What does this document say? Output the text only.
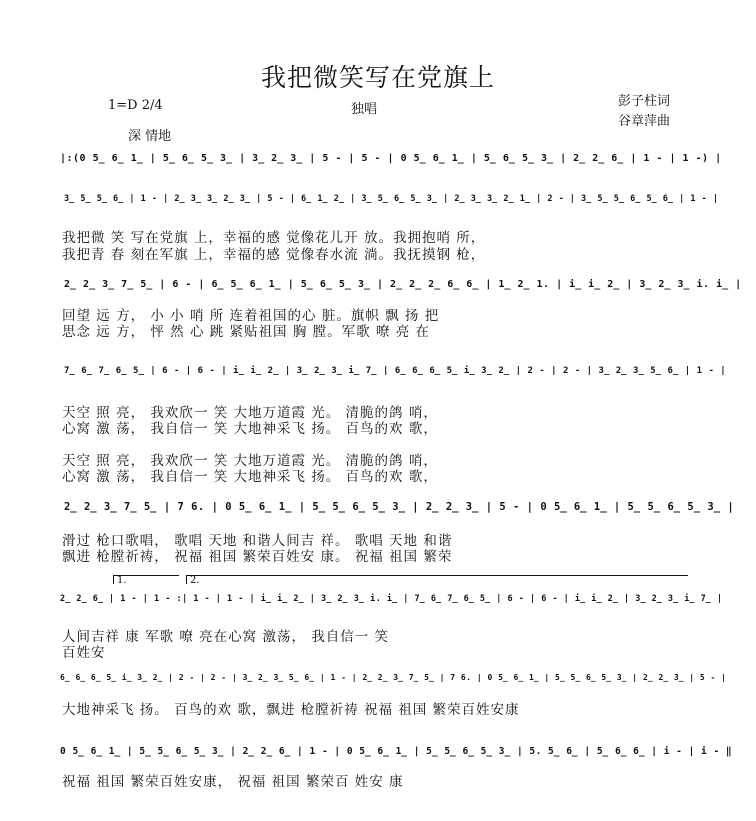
我把微笑写在党旗上
1=D 2/4	独唱
彭子柱词
谷章萍曲
深 情地
|:(0 5̲ 6̲ 1̲ | 5̲ 6̲ 5̲ 3̲ | 3̲ 2̲ 3̲ | 5 - | 5 - | 0 5̲ 6̲ 1̲ | 5̲ 6̲ 5̲ 3̲ | 2̲ 2̲ 6̲ | 1 - | 1 -) |
3̲ 5̲ 5̲ 6̲ | 1 - | 2̲ 3̲ 3̲ 2̲ 3̲ | 5 - | 6̲ 1̲ 2̲ | 3̲ 5̲ 6̲ 5̲ 3̲ | 2̲ 3̲ 3̲ 2̲ 1̲ | 2 - | 3̲ 5̲ 5̲ 6̲ 5̲ 6̲ | 1 - |
我把微 笑 写在党旗 上，幸福的感 觉像花儿开 放。我拥抱哨 所，
我把青 春 刻在军旗 上，幸福的感 觉像春水流 淌。我抚摸钢 枪，
2̲ 2̲ 3̲ 7̲ 5̲ | 6 - | 6̲ 5̲ 6̲ 1̲ | 5̲ 6̲ 5̲ 3̲ | 2̲ 2̲ 2̲ 6̲ 6̲ | 1̲ 2̲ 1. | i̲ i̲ 2̲ | 3̲ 2̲ 3̲ i. i̲ |
回望 远 方， 小 小 哨 所 连着祖国的心 脏。旗帜 飘 扬 把
思念 远 方， 怦 然 心 跳 紧贴祖国 胸 膛。军歌 嘹 亮 在
7̲ 6̲ 7̲ 6̲ 5̲ | 6 - | 6 - | i̲ i̲ 2̲ | 3̲ 2̲ 3̲ i̲ 7̲ | 6̲ 6̲ 6̲ 5̲ i̲ 3̲ 2̲ | 2 - | 2 - | 3̲ 2̲ 3̲ 5̲ 6̲ | 1 - |
天空 照 亮， 我欢欣一 笑 大地万道霞 光。 清脆的鸽 哨，
心窝 激 荡， 我自信一 笑 大地神采飞 扬。 百鸟的欢 歌，
天空 照 亮， 我欢欣一 笑 大地万道霞 光。 清脆的鸽 哨，
心窝 激 荡， 我自信一 笑 大地神采飞 扬。 百鸟的欢 歌，
2̲ 2̲ 3̲ 7̲ 5̲ | 7 6. | 0 5̲ 6̲ 1̲ | 5̲ 5̲ 6̲ 5̲ 3̲ | 2̲ 2̲ 3̲ | 5 - | 0 5̲ 6̲ 1̲ | 5̲ 5̲ 6̲ 5̲ 3̲ |
滑过 枪口歌唱， 歌唱 天地 和谐人间吉 祥。 歌唱 天地 和谐
飘进 枪膛祈祷， 祝福 祖国 繁荣百姓安 康。 祝福 祖国 繁荣
1.	2.
2̲ 2̲ 6̲ | 1 - | 1 - :| 1 - | 1 - | i̲ i̲ 2̲ | 3̲ 2̲ 3̲ i. i̲ | 7̲ 6̲ 7̲ 6̲ 5̲ | 6 - | 6 - | i̲ i̲ 2̲ | 3̲ 2̲ 3̲ i̲ 7̲ |
人间吉祥 康 军歌 嘹 亮在心窝 激荡， 我自信一 笑
百姓安
6̲ 6̲ 6̲ 5̲ i̲ 3̲ 2̲ | 2 - | 2 - | 3̲ 2̲ 3̲ 5̲ 6̲ | 1 - | 2̲ 2̲ 3̲ 7̲ 5̲ | 7 6. | 0 5̲ 6̲ 1̲ | 5̲ 5̲ 6̲ 5̲ 3̲ | 2̲ 2̲ 3̲ | 5 - |
大地神采飞 扬。 百鸟的欢 歌，飘进 枪膛祈祷 祝福 祖国 繁荣百姓安康
0 5̲ 6̲ 1̲ | 5̲ 5̲ 6̲ 5̲ 3̲ | 2̲ 2̲ 6̲ | 1 - | 0 5̲ 6̲ 1̲ | 5̲ 5̲ 6̲ 5̲ 3̲ | 5. 5̲ 6̲ | 5̲ 6̲ 6̲ | i - | i - ‖
祝福 祖国 繁荣百姓安康， 祝福 祖国 繁荣百 姓安 康
